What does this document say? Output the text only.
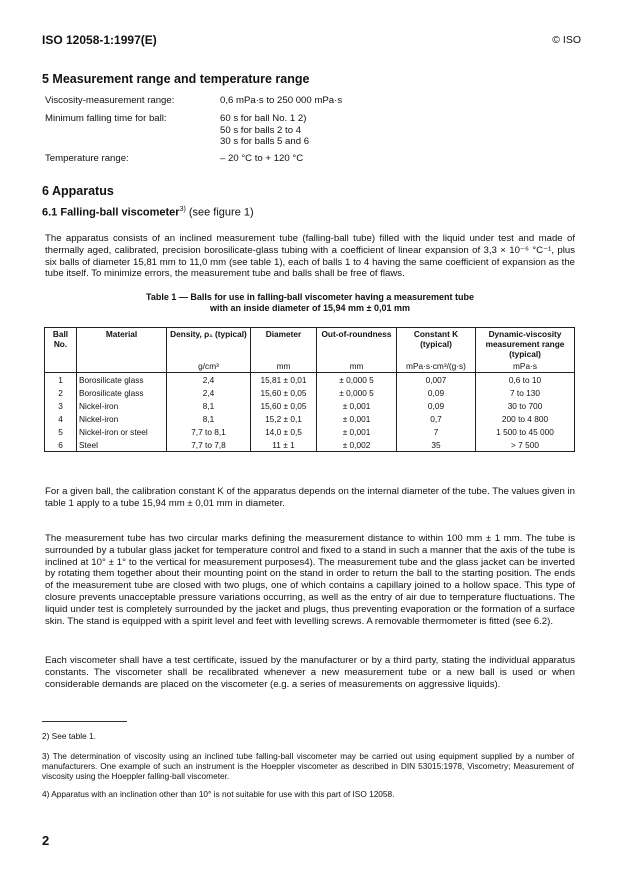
ISO 12058-1:1997(E)	© ISO
5 Measurement range and temperature range
Viscosity-measurement range:	0,6 mPa·s to 250 000 mPa·s
Minimum falling time for ball:	60 s for ball No. 1 2)
50 s for balls 2 to 4
30 s for balls 5 and 6
Temperature range:	– 20 °C to + 120 °C
6 Apparatus
6.1 Falling-ball viscometer$^{3)}$ (see figure 1)
The apparatus consists of an inclined measurement tube (falling-ball tube) filled with the liquid under test and made of thermally aged, calibrated, precision borosilicate-glass tubing with a coefficient of linear expansion of 3,3 × 10⁻⁶ °C⁻¹, plus six balls of diameter 15,81 mm to 11,0 mm (see table 1), each of balls 1 to 4 having the same coefficient of expansion as the tube itself. To minimize errors, the measurement tube and balls shall be free of flaws.
Table 1 — Balls for use in falling-ball viscometer having a measurement tube
with an inside diameter of 15,94 mm ± 0,01 mm
Ball No.	Material	Density, ρ₁ (typical)	Diameter	Out-of-roundness	Constant K (typical)	Dynamic-viscosity measurement range (typical)
		g/cm³	mm	mm	mPa·s·cm³/(g·s)	mPa·s
1	Borosilicate glass	2,4	15,81 ± 0,01	± 0,000 5	0,007	0,6 to 10
2	Borosilicate glass	2,4	15,60 ± 0,05	± 0,000 5	0,09	7 to 130
3	Nickel-iron	8,1	15,60 ± 0,05	± 0,001	0,09	30 to 700
4	Nickel-iron	8,1	15,2 ± 0,1	± 0,001	0,7	200 to 4 800
5	Nickel-iron or steel	7,7 to 8,1	14,0 ± 0,5	± 0,001	7	1 500 to 45 000
6	Steel	7,7 to 7,8	11 ± 1	± 0,002	35	> 7 500
For a given ball, the calibration constant K of the apparatus depends on the internal diameter of the tube. The values given in table 1 apply to a tube 15,94 mm ± 0,01 mm in diameter.
The measurement tube has two circular marks defining the measurement distance to within 100 mm ± 1 mm. The tube is surrounded by a tubular glass jacket for temperature control and fixed to a stand in such a manner that the axis of the tube is inclined at 10° ± 1° to the vertical for measurement purposes4). The measurement tube and the glass jacket can be inverted by rotating them together about their mounting point on the stand in order to return the ball to the starting position. The ends of the measurement tube are closed with two plugs, one of which contains a capillary joined to a hollow space. This type of closure prevents unacceptable pressure variations occurring, as well as the entry of air due to temperature fluctuations. The liquid under test is completely surrounded by the jacket and plugs, thus preventing evaporation or the formation of a surface skin. The stand is equipped with a spirit level and feet with levelling screws. A removable thermometer is fitted (see 6.2).
Each viscometer shall have a test certificate, issued by the manufacturer or by a third party, stating the individual apparatus constants. The viscometer shall be recalibrated whenever a new measurement tube or a new ball is used or when considerable demands are placed on the viscometer (e.g. a series of measurements on aggressive liquids).
2) See table 1.
4) Apparatus with an inclination other than 10° is not suitable for use with this part of ISO 12058.
3) The determination of viscosity using an inclined tube falling-ball viscometer may be carried out using equipment supplied by a number of manufacturers. One example of such an instrument is the Hoeppler viscometer as described in DIN 53015:1978, Viscometry; Measurement of viscosity using the Hoeppler falling-ball viscometer.
2
